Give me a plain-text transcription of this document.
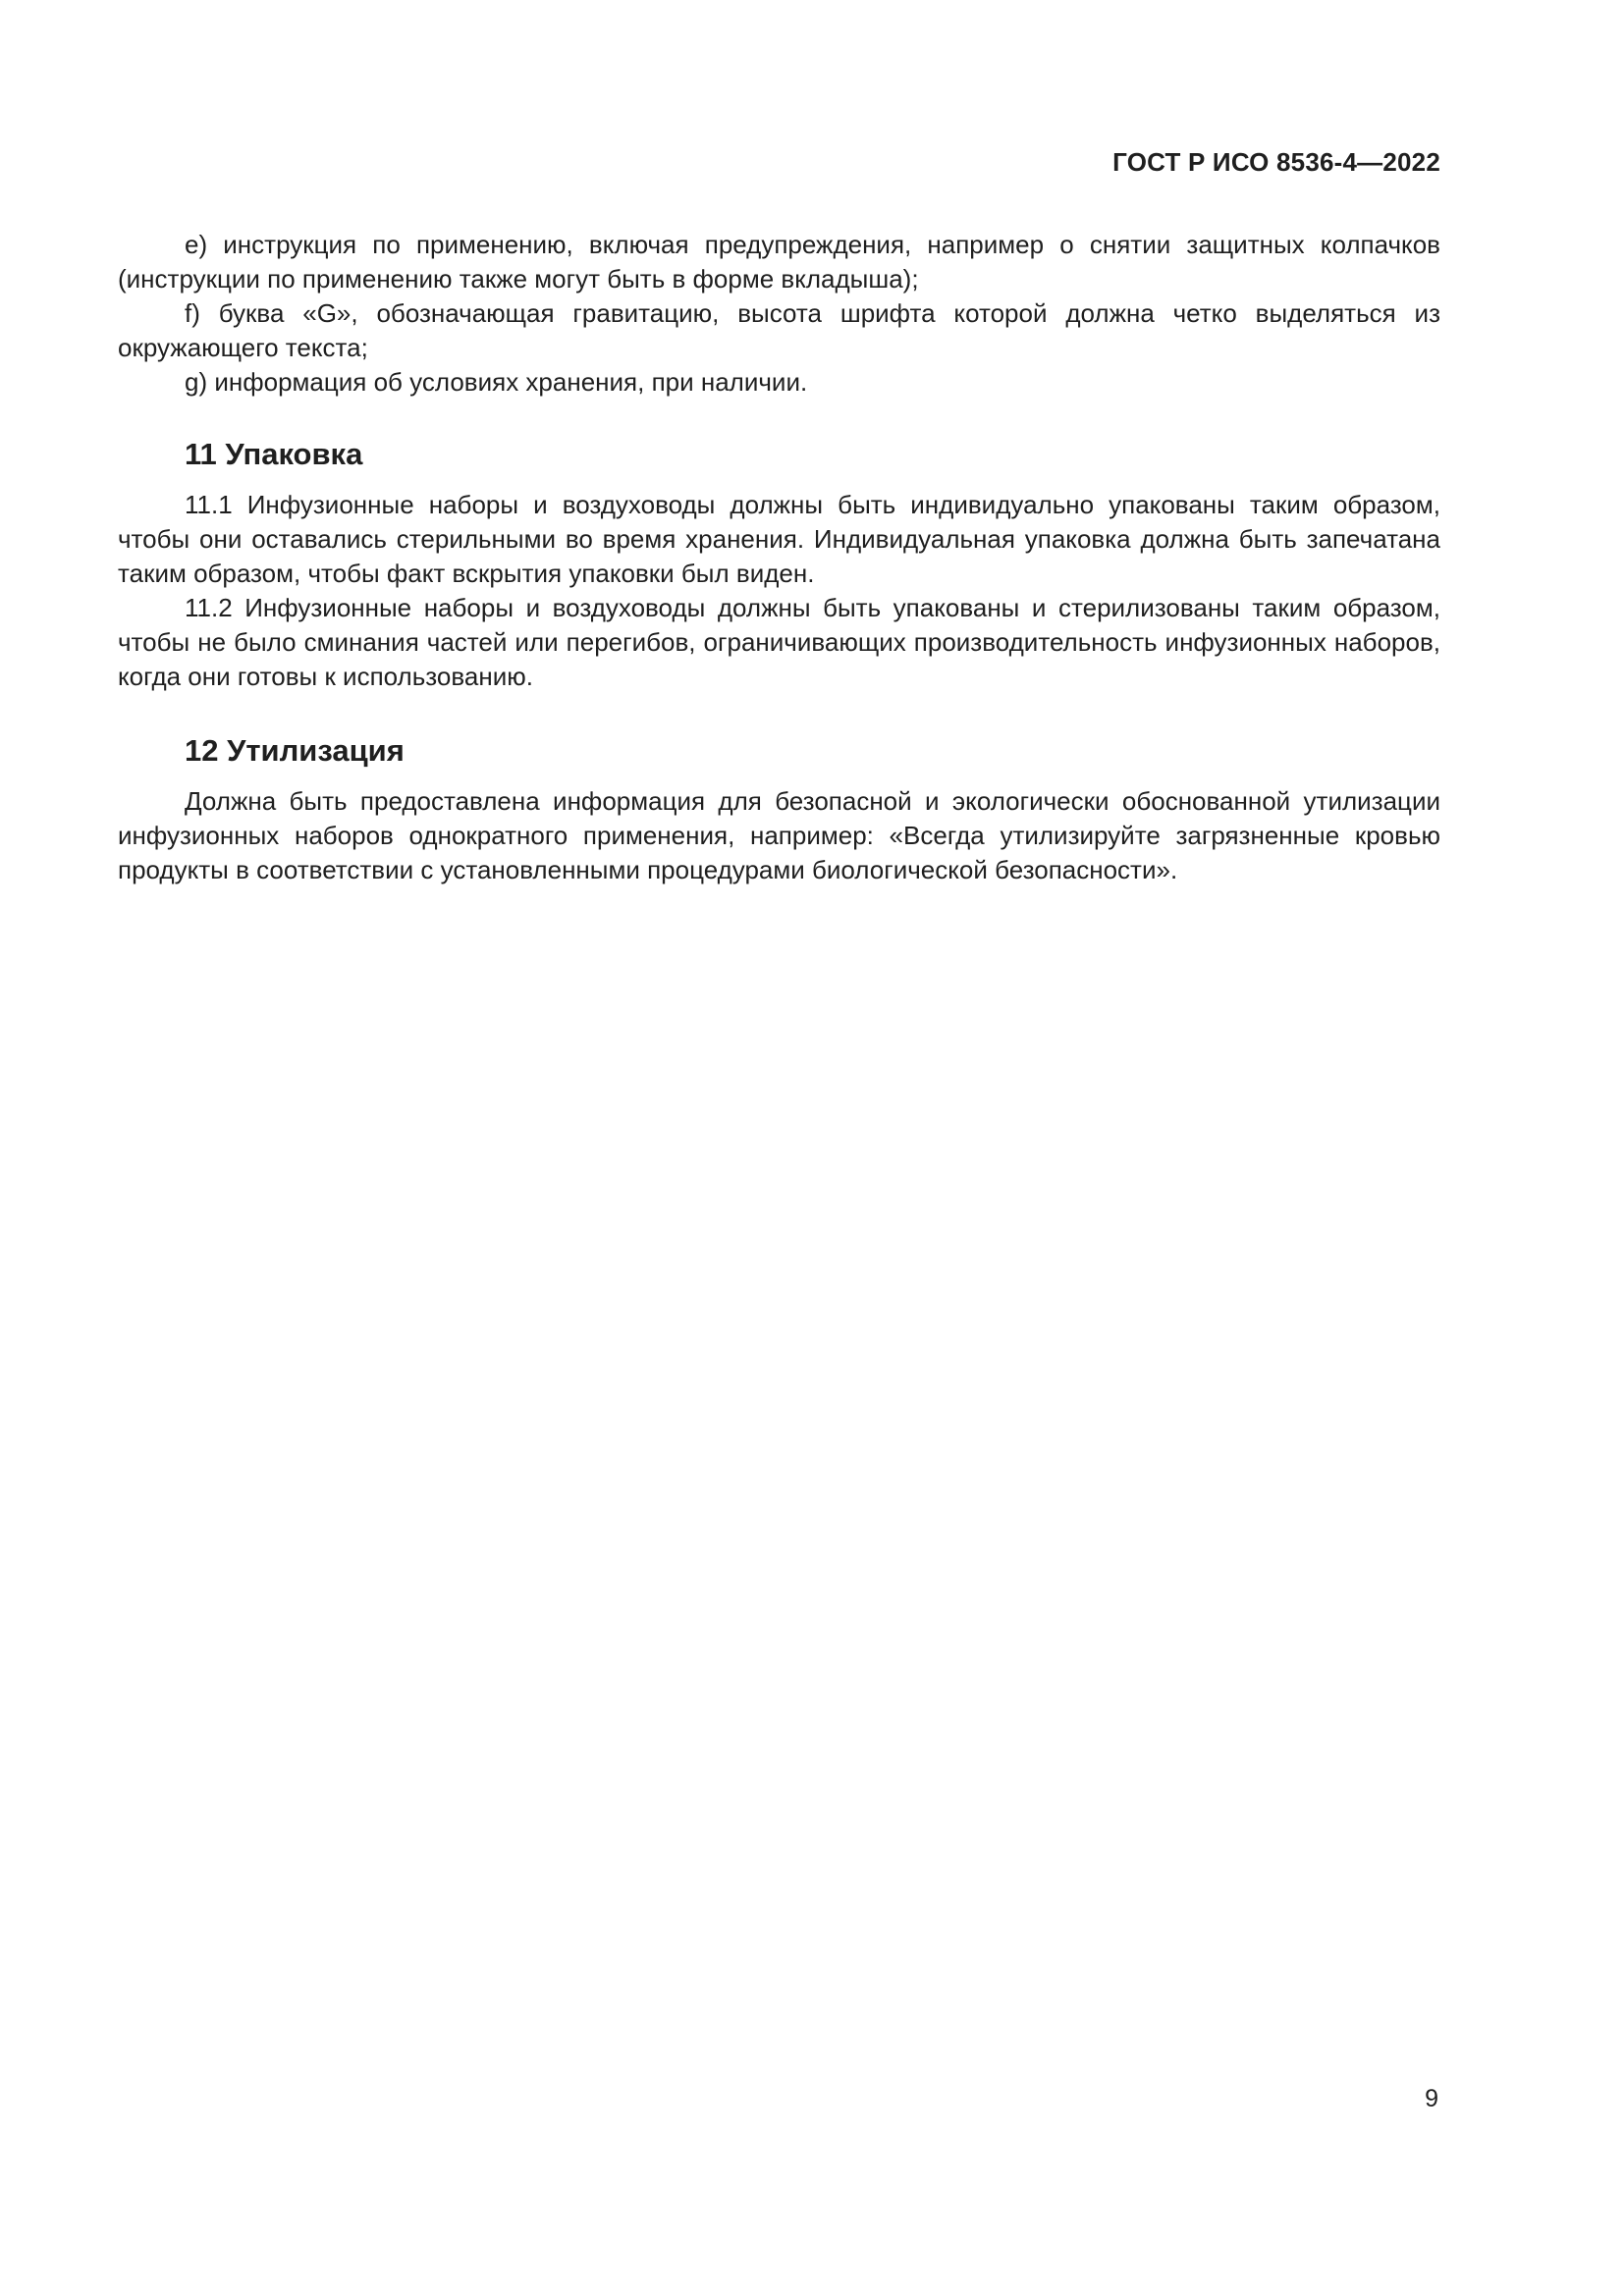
ГОСТ Р ИСО 8536-4—2022

e) инструкция по применению, включая предупреждения, например о снятии защитных колпачков (инструкции по применению также могут быть в форме вкладыша);

f) буква «G», обозначающая гравитацию, высота шрифта которой должна четко выделяться из окружающего текста;

g) информация об условиях хранения, при наличии.

11 Упаковка

11.1 Инфузионные наборы и воздуховоды должны быть индивидуально упакованы таким образом, чтобы они оставались стерильными во время хранения. Индивидуальная упаковка должна быть запечатана таким образом, чтобы факт вскрытия упаковки был виден.

11.2 Инфузионные наборы и воздуховоды должны быть упакованы и стерилизованы таким образом, чтобы не было сминания частей или перегибов, ограничивающих производительность инфузионных наборов, когда они готовы к использованию.

12 Утилизация

Должна быть предоставлена информация для безопасной и экологически обоснованной утилизации инфузионных наборов однократного применения, например: «Всегда утилизируйте загрязненные кровью продукты в соответствии с установленными процедурами биологической безопасности».

9
